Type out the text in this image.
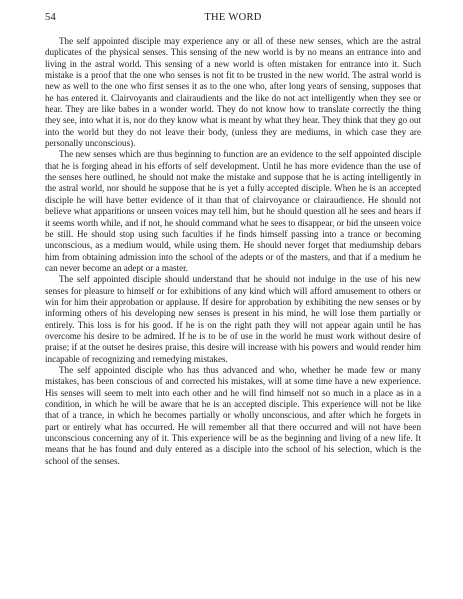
54	THE WORD

The self appointed disciple may experience any or all of these new senses, which are the astral duplicates of the physical senses. This sensing of the new world is by no means an entrance into and living in the astral world. This sensing of a new world is often mistaken for entrance into it. Such mistake is a proof that the one who senses is not fit to be trusted in the new world. The astral world is new as well to the one who first senses it as to the one who, after long years of sensing, supposes that he has entered it. Clairvoyants and clairaudients and the like do not act intelligently when they see or hear. They are like babes in a wonder world. They do not know how to translate correctly the thing they see, into what it is, nor do they know what is meant by what they hear. They think that they go out into the world but they do not leave their body, (unless they are mediums, in which case they are personally unconscious).

The new senses which are thus beginning to function are an evidence to the self appointed disciple that he is forging ahead in his efforts of self development. Until he has more evidence than the use of the senses here outlined, he should not make the mistake and suppose that he is acting intelligently in the astral world, nor should he suppose that he is yet a fully accepted disciple. When he is an accepted disciple he will have better evidence of it than that of clairvoyance or clairaudience. He should not believe what apparitions or unseen voices may tell him, but he should question all he sees and hears if it seems worth while, and if not, he should command what he sees to disappear, or bid the unseen voice be still. He should stop using such faculties if he finds himself passing into a trance or becoming unconscious, as a medium would, while using them. He should never forget that mediumship debars him from obtaining admission into the school of the adepts or of the masters, and that if a medium he can never become an adept or a master.

The self appointed disciple should understand that he should not indulge in the use of his new senses for pleasure to himself or for exhibitions of any kind which will afford amusement to others or win for him their approbation or applause. If desire for approbation by exhibiting the new senses or by informing others of his developing new senses is present in his mind, he will lose them partially or entirely. This loss is for his good. If he is on the right path they will not appear again until he has overcome his desire to be admired. If he is to be of use in the world he must work without desire of praise; if at the outset he desires praise, this desire will increase with his powers and would render him incapable of recognizing and remedying mistakes.

The self appointed disciple who has thus advanced and who, whether he made few or many mistakes, has been conscious of and corrected his mistakes, will at some time have a new experience. His senses will seem to melt into each other and he will find himself not so much in a place as in a condition, in which he will be aware that he is an accepted disciple. This experience will not be like that of a trance, in which he becomes partially or wholly unconscious, and after which he forgets in part or entirely what has occurred. He will remember all that there occurred and will not have been unconscious concerning any of it. This experience will be as the beginning and living of a new life. It means that he has found and duly entered as a disciple into the school of his selection, which is the school of the senses.
